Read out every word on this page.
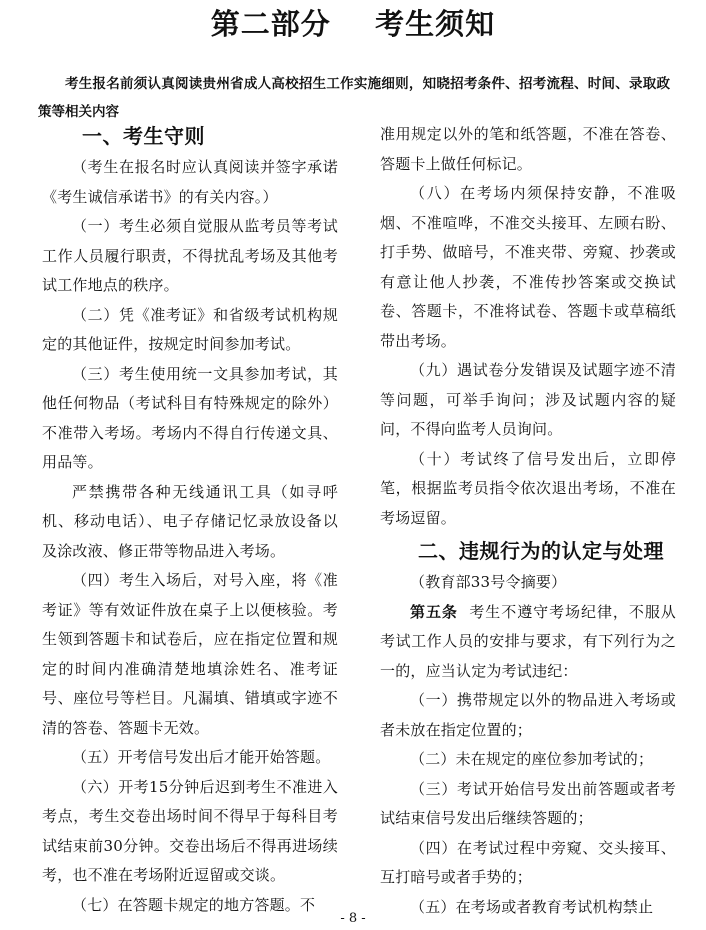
第二部分    考生须知
考生报名前须认真阅读贵州省成人高校招生工作实施细则，知晓招考条件、招考流程、时间、录取政策等相关内容
一、考生守则

（考生在报名时应认真阅读并签字承诺《考生诚信承诺书》的有关内容。）

（一）考生必须自觉服从监考员等考试工作人员履行职责，不得扰乱考场及其他考试工作地点的秩序。

（二）凭《准考证》和省级考试机构规定的其他证件，按规定时间参加考试。

（三）考生使用统一文具参加考试，其他任何物品（考试科目有特殊规定的除外）不准带入考场。考场内不得自行传递文具、用品等。

严禁携带各种无线通讯工具（如寻呼机、移动电话）、电子存储记忆录放设备以及涂改液、修正带等物品进入考场。

（四）考生入场后，对号入座，将《准考证》等有效证件放在桌子上以便核验。考生领到答题卡和试卷后，应在指定位置和规定的时间内准确清楚地填涂姓名、准考证号、座位号等栏目。凡漏填、错填或字迹不清的答卷、答题卡无效。

（五）开考信号发出后才能开始答题。

（六）开考15分钟后迟到考生不准进入考点，考生交卷出场时间不得早于每科目考试结束前30分钟。交卷出场后不得再进场续考，也不准在考场附近逗留或交谈。

（七）在答题卡规定的地方答题。不

准用规定以外的笔和纸答题，不准在答卷、答题卡上做任何标记。

（八）在考场内须保持安静，不准吸烟、不准喧哗，不准交头接耳、左顾右盼、打手势、做暗号，不准夹带、旁窥、抄袭或有意让他人抄袭，不准传抄答案或交换试卷、答题卡，不准将试卷、答题卡或草稿纸带出考场。

（九）遇试卷分发错误及试题字迹不清等问题，可举手询问；涉及试题内容的疑问，不得向监考人员询问。

（十）考试终了信号发出后，立即停笔，根据监考员指令依次退出考场，不准在考场逗留。

二、违规行为的认定与处理

（教育部33号令摘要）

第五条 考生不遵守考场纪律，不服从考试工作人员的安排与要求，有下列行为之一的，应当认定为考试违纪：

（一）携带规定以外的物品进入考场或者未放在指定位置的；

（二）未在规定的座位参加考试的；

（三）考试开始信号发出前答题或者考试结束信号发出后继续答题的；

（四）在考试过程中旁窥、交头接耳、互打暗号或者手势的；

（五）在考场或者教育考试机构禁止

- 8 -
